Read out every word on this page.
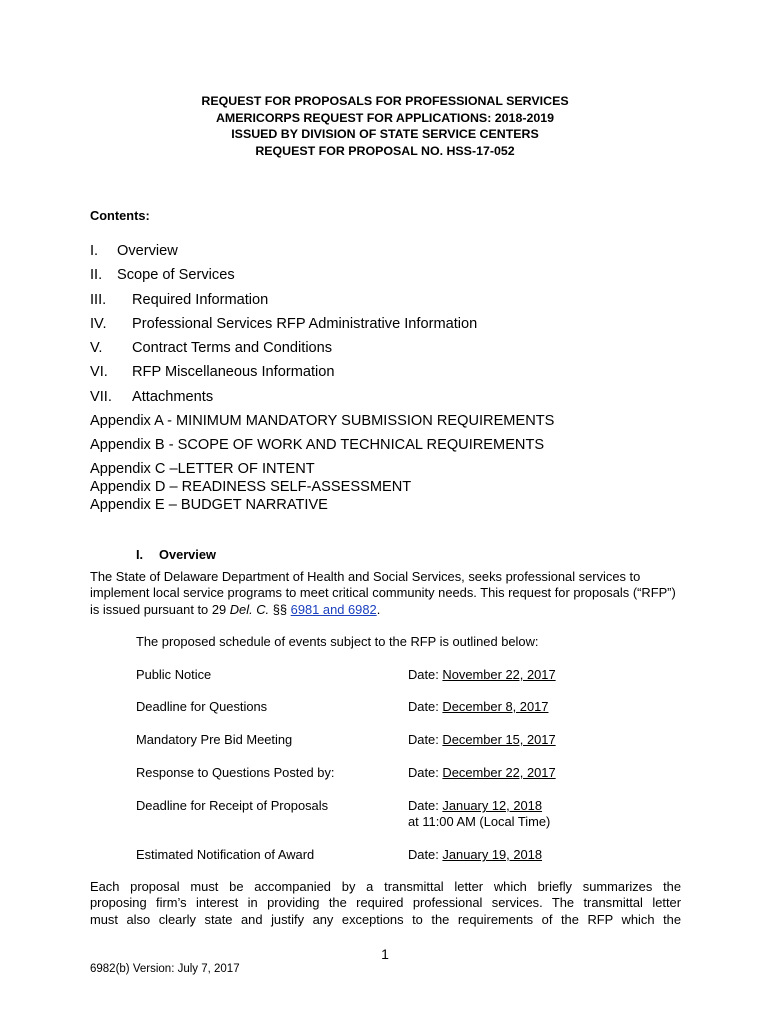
REQUEST FOR PROPOSALS FOR PROFESSIONAL SERVICES
AMERICORPS REQUEST FOR APPLICATIONS: 2018-2019
ISSUED BY DIVISION OF STATE SERVICE CENTERS
REQUEST FOR PROPOSAL NO. HSS-17-052
Contents:
I. Overview
II. Scope of Services
III. Required Information
IV. Professional Services RFP Administrative Information
V. Contract Terms and Conditions
VI. RFP Miscellaneous Information
VII. Attachments
Appendix A - MINIMUM MANDATORY SUBMISSION REQUIREMENTS
Appendix B - SCOPE OF WORK AND TECHNICAL REQUIREMENTS
Appendix C –LETTER OF INTENT
Appendix D – READINESS SELF-ASSESSMENT
Appendix E – BUDGET NARRATIVE
I. Overview
The State of Delaware Department of Health and Social Services, seeks professional services to implement local service programs to meet critical community needs. This request for proposals (“RFP”) is issued pursuant to 29 Del. C. §§ 6981 and 6982.
The proposed schedule of events subject to the RFP is outlined below:
Public Notice	Date: November 22, 2017
Deadline for Questions	Date: December 8, 2017
Mandatory Pre Bid Meeting	Date: December 15, 2017
Response to Questions Posted by:	Date: December 22, 2017
Deadline for Receipt of Proposals	Date: January 12, 2018
at 11:00 AM (Local Time)
Estimated Notification of Award	Date: January 19, 2018
Each proposal must be accompanied by a transmittal letter which briefly summarizes the
proposing firm’s interest in providing the required professional services. The transmittal letter
must also clearly state and justify any exceptions to the requirements of the RFP which the
1
6982(b) Version: July 7, 2017
